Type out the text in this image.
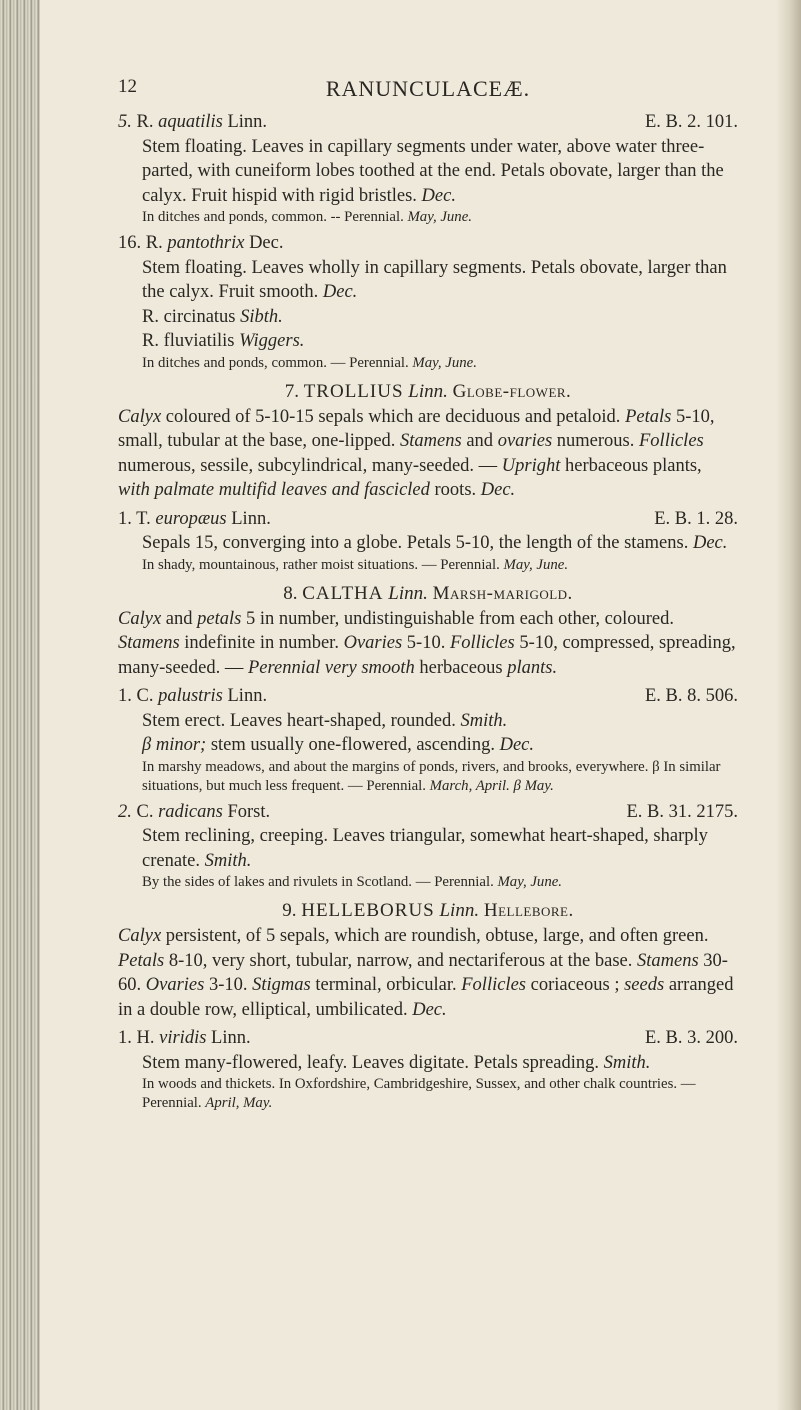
12	RANUNCULACEÆ.
5. R. aquatilis Linn.	E. B. 2. 101.
Stem floating. Leaves in capillary segments under water, above water three-parted, with cuneiform lobes toothed at the end. Petals obovate, larger than the calyx. Fruit hispid with rigid bristles. Dec.
In ditches and ponds, common. -- Perennial. May, June.
16. R. pantothrix Dec.
Stem floating. Leaves wholly in capillary segments. Petals obovate, larger than the calyx. Fruit smooth. Dec.
R. circinatus Sibth.
R. fluviatilis Wiggers.
In ditches and ponds, common. — Perennial. May, June.
7. TROLLIUS Linn. Globe-flower.
Calyx coloured of 5-10-15 sepals which are deciduous and petaloid. Petals 5-10, small, tubular at the base, one-lipped. Stamens and ovaries numerous. Follicles numerous, sessile, subcylindrical, many-seeded. — Upright herbaceous plants, with palmate multifid leaves and fascicled roots. Dec.
1. T. europæus Linn.	E. B. 1. 28.
Sepals 15, converging into a globe. Petals 5-10, the length of the stamens. Dec.
In shady, mountainous, rather moist situations. — Perennial. May, June.
8. CALTHA Linn. Marsh-marigold.
Calyx and petals 5 in number, undistinguishable from each other, coloured. Stamens indefinite in number. Ovaries 5-10. Follicles 5-10, compressed, spreading, many-seeded. — Perennial very smooth herbaceous plants.
1. C. palustris Linn.	E. B. 8. 506.
Stem erect. Leaves heart-shaped, rounded. Smith.
β minor; stem usually one-flowered, ascending. Dec.
In marshy meadows, and about the margins of ponds, rivers, and brooks, everywhere. β In similar situations, but much less frequent. — Perennial. March, April. β May.
2. C. radicans Forst.	E. B. 31. 2175.
Stem reclining, creeping. Leaves triangular, somewhat heart-shaped, sharply crenate. Smith.
By the sides of lakes and rivulets in Scotland. — Perennial. May, June.
9. HELLEBORUS Linn. Hellebore.
Calyx persistent, of 5 sepals, which are roundish, obtuse, large, and often green. Petals 8-10, very short, tubular, narrow, and nectariferous at the base. Stamens 30-60. Ovaries 3-10. Stigmas terminal, orbicular. Follicles coriaceous ; seeds arranged in a double row, elliptical, umbilicated. Dec.
1. H. viridis Linn.	E. B. 3. 200.
Stem many-flowered, leafy. Leaves digitate. Petals spreading. Smith.
In woods and thickets. In Oxfordshire, Cambridgeshire, Sussex, and other chalk countries. — Perennial. April, May.
